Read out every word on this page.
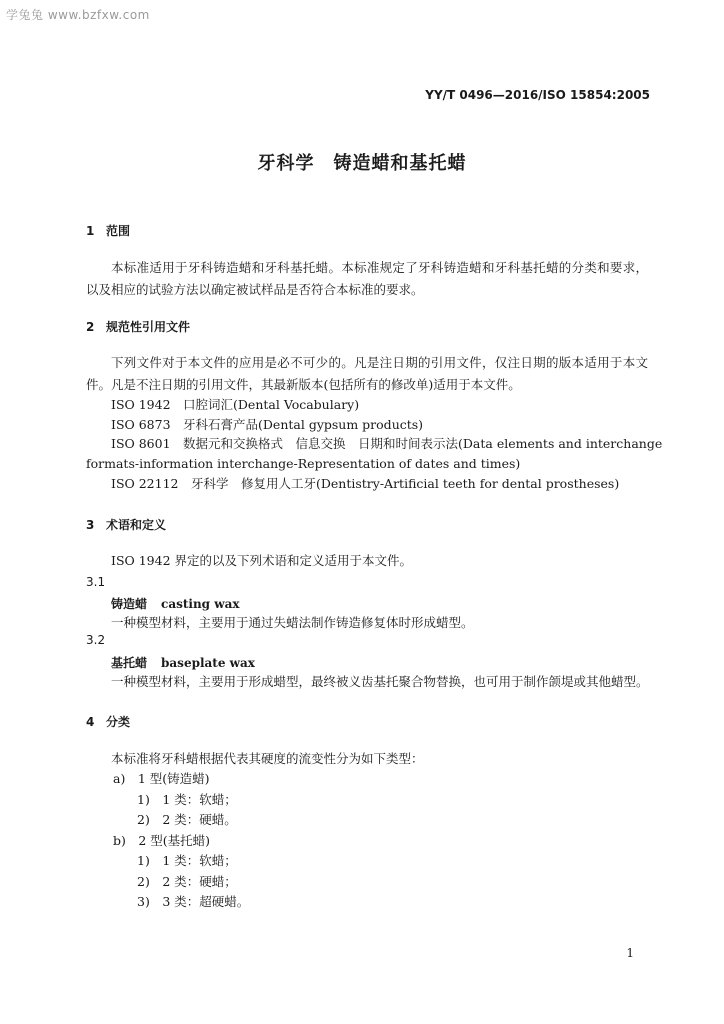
学兔兔 www.bzfxw.com
YY/T 0496—2016/ISO 15854:2005
牙科学　铸造蜡和基托蜡
1 范围
本标准适用于牙科铸造蜡和牙科基托蜡。本标准规定了牙科铸造蜡和牙科基托蜡的分类和要求，以及相应的试验方法以确定被试样品是否符合本标准的要求。
2 规范性引用文件
下列文件对于本文件的应用是必不可少的。凡是注日期的引用文件，仅注日期的版本适用于本文件。凡是不注日期的引用文件，其最新版本(包括所有的修改单)适用于本文件。
ISO 1942　口腔词汇(Dental Vocabulary)
ISO 6873　牙科石膏产品(Dental gypsum products)
ISO 8601　数据元和交换格式　信息交换　日期和时间表示法(Data elements and interchange
formats-information interchange-Representation of dates and times)
ISO 22112　牙科学　修复用人工牙(Dentistry-Artificial teeth for dental prostheses)
3 术语和定义
ISO 1942 界定的以及下列术语和定义适用于本文件。
3.1
铸造蜡 casting wax
一种模型材料，主要用于通过失蜡法制作铸造修复体时形成蜡型。
3.2
基托蜡 baseplate wax
一种模型材料，主要用于形成蜡型，最终被义齿基托聚合物替换，也可用于制作颌堤或其他蜡型。
4 分类
本标准将牙科蜡根据代表其硬度的流变性分为如下类型：
a)　1 型(铸造蜡)
1)　1 类：软蜡；
2)　2 类：硬蜡。
b)　2 型(基托蜡)
1)　1 类：软蜡；
2)　2 类：硬蜡；
3)　3 类：超硬蜡。
1
